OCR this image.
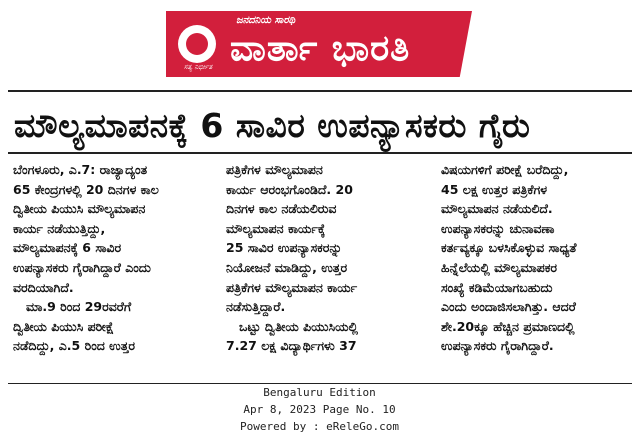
ಸತ್ಯ ನಿರ್ಭೀತ
ಜನದನಿಯ ಸಾರಥಿ
ವಾರ್ತಾ ಭಾರತಿ
ಮೌಲ್ಯಮಾಪನಕ್ಕೆ 6 ಸಾವಿರ ಉಪನ್ಯಾಸಕರು ಗೈರು
ಬೆಂಗಳೂರು, ಎ.7: ರಾಜ್ಯಾದ್ಯಂತ
65 ಕೇಂದ್ರಗಳಲ್ಲಿ 20 ದಿನಗಳ ಕಾಲ
ದ್ವಿತೀಯ ಪಿಯುಸಿ ಮೌಲ್ಯಮಾಪನ
ಕಾರ್ಯ ನಡೆಯುತ್ತಿದ್ದು,
ಮೌಲ್ಯಮಾಪನಕ್ಕೆ 6 ಸಾವಿರ
ಉಪನ್ಯಾಸಕರು ಗೈರಾಗಿದ್ದಾರೆ ಎಂದು
ವರದಿಯಾಗಿದೆ.
ಮಾ.9 ರಿಂದ 29ರವರೆಗೆ
ದ್ವಿತೀಯ ಪಿಯುಸಿ ಪರೀಕ್ಷೆ
ನಡೆದಿದ್ದು, ಎ.5 ರಿಂದ ಉತ್ತರ
ಪತ್ರಿಕೆಗಳ ಮೌಲ್ಯಮಾಪನ
ಕಾರ್ಯ ಆರಂಭಗೊಂಡಿದೆ. 20
ದಿನಗಳ ಕಾಲ ನಡೆಯಲಿರುವ
ಮೌಲ್ಯಮಾಪನ ಕಾರ್ಯಕ್ಕೆ
25 ಸಾವಿರ ಉಪನ್ಯಾಸಕರನ್ನು
ನಿಯೋಜನೆ ಮಾಡಿದ್ದು, ಉತ್ತರ
ಪತ್ರಿಕೆಗಳ ಮೌಲ್ಯಮಾಪನ ಕಾರ್ಯ
ನಡೆಸುತ್ತಿದ್ದಾರೆ.
ಒಟ್ಟು ದ್ವಿತೀಯ ಪಿಯುಸಿಯಲ್ಲಿ
7.27 ಲಕ್ಷ ವಿದ್ಯಾರ್ಥಿಗಳು 37
ವಿಷಯಗಳಿಗೆ ಪರೀಕ್ಷೆ ಬರೆದಿದ್ದು,
45 ಲಕ್ಷ ಉತ್ತರ ಪತ್ರಿಕೆಗಳ
ಮೌಲ್ಯಮಾಪನ ನಡೆಯಲಿದೆ.
ಉಪನ್ಯಾಸಕರನ್ನು ಚುನಾವಣಾ
ಕರ್ತವ್ಯಕ್ಕೂ ಬಳಸಿಕೊಳ್ಳುವ ಸಾಧ್ಯತೆ
ಹಿನ್ನೆಲೆಯಲ್ಲಿ ಮೌಲ್ಯಮಾಪಕರ
ಸಂಖ್ಯೆ ಕಡಿಮೆಯಾಗಬಹುದು
ಎಂದು ಅಂದಾಜಿಸಲಾಗಿತ್ತು. ಆದರೆ
ಶೇ.20ಕ್ಕೂ ಹೆಚ್ಚಿನ ಪ್ರಮಾಣದಲ್ಲಿ
ಉಪನ್ಯಾಸಕರು ಗೈರಾಗಿದ್ದಾರೆ.
Bengaluru Edition
Apr 8, 2023 Page No. 10
Powered by : eReleGo.com
